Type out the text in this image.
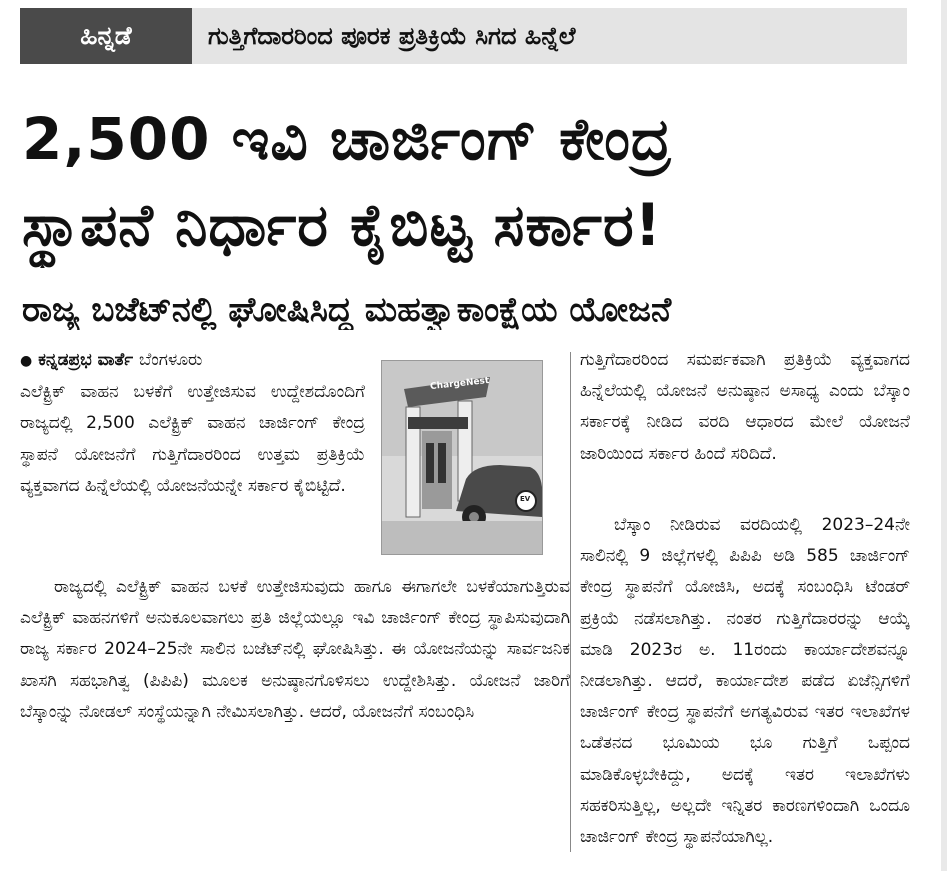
ಹಿನ್ನಡೆ	ಗುತ್ತಿಗೆದಾರರಿಂದ ಪೂರಕ ಪ್ರತಿಕ್ರಿಯೆ ಸಿಗದ ಹಿನ್ನೆಲೆ
2,500 ಇವಿ ಚಾರ್ಜಿಂಗ್ ಕೇಂದ್ರ
ಸ್ಥಾಪನೆ ನಿರ್ಧಾರ ಕೈಬಿಟ್ಟ ಸರ್ಕಾರ!
ರಾಜ್ಯ ಬಜೆಟ್‌ನಲ್ಲಿ ಘೋಷಿಸಿದ್ದ ಮಹತ್ವಾಕಾಂಕ್ಷೆಯ ಯೋಜನೆ
● ಕನ್ನಡಪ್ರಭ ವಾರ್ತೆ ಬೆಂಗಳೂರು

ಎಲೆಕ್ಟ್ರಿಕ್ ವಾಹನ ಬಳಕೆಗೆ ಉತ್ತೇಜಿಸುವ ಉದ್ದೇಶದೊಂದಿಗೆ ರಾಜ್ಯದಲ್ಲಿ 2,500 ಎಲೆಕ್ಟ್ರಿಕ್ ವಾಹನ ಚಾರ್ಜಿಂಗ್ ಕೇಂದ್ರ ಸ್ಥಾಪನೆ ಯೋಜನೆಗೆ ಗುತ್ತಿಗೆದಾರರಿಂದ ಉತ್ತಮ ಪ್ರತಿಕ್ರಿಯೆ ವ್ಯಕ್ತವಾಗದ ಹಿನ್ನೆಲೆಯಲ್ಲಿ ಯೋಜನೆಯನ್ನೇ ಸರ್ಕಾರ ಕೈಬಿಟ್ಟಿದೆ.

ChargeNest
EV

ರಾಜ್ಯದಲ್ಲಿ ಎಲೆಕ್ಟ್ರಿಕ್ ವಾಹನ ಬಳಕೆ ಉತ್ತೇಜಿಸುವುದು ಹಾಗೂ ಈಗಾಗಲೇ ಬಳಕೆಯಾಗುತ್ತಿರುವ ಎಲೆಕ್ಟ್ರಿಕ್ ವಾಹನಗಳಿಗೆ ಅನುಕೂಲವಾಗಲು ಪ್ರತಿ ಜಿಲ್ಲೆಯಲ್ಲೂ ಇವಿ ಚಾರ್ಜಿಂಗ್ ಕೇಂದ್ರ ಸ್ಥಾಪಿಸುವುದಾಗಿ ರಾಜ್ಯ ಸರ್ಕಾರ 2024–25ನೇ ಸಾಲಿನ ಬಜೆಟ್‌ನಲ್ಲಿ ಘೋಷಿಸಿತ್ತು. ಈ ಯೋಜನೆಯನ್ನು ಸಾರ್ವಜನಿಕ ಖಾಸಗಿ ಸಹಭಾಗಿತ್ವ (ಪಿಪಿಪಿ) ಮೂಲಕ ಅನುಷ್ಠಾನಗೊಳಿಸಲು ಉದ್ದೇಶಿಸಿತ್ತು. ಯೋಜನೆ ಜಾರಿಗೆ ಬೆಸ್ಕಾಂನ್ನು ನೋಡಲ್ ಸಂಸ್ಥೆಯನ್ನಾಗಿ ನೇಮಿಸಲಾಗಿತ್ತು. ಆದರೆ, ಯೋಜನೆಗೆ ಸಂಬಂಧಿಸಿ

ಗುತ್ತಿಗೆದಾರರಿಂದ ಸಮರ್ಪಕವಾಗಿ ಪ್ರತಿಕ್ರಿಯೆ ವ್ಯಕ್ತವಾಗದ ಹಿನ್ನೆಲೆಯಲ್ಲಿ ಯೋಜನೆ ಅನುಷ್ಠಾನ ಅಸಾಧ್ಯ ಎಂದು ಬೆಸ್ಕಾಂ ಸರ್ಕಾರಕ್ಕೆ ನೀಡಿದ ವರದಿ ಆಧಾರದ ಮೇಲೆ ಯೋಜನೆ ಜಾರಿಯಿಂದ ಸರ್ಕಾರ ಹಿಂದೆ ಸರಿದಿದೆ.

ಬೆಸ್ಕಾಂ ನೀಡಿರುವ ವರದಿಯಲ್ಲಿ 2023–24ನೇ ಸಾಲಿನಲ್ಲಿ 9 ಜಿಲ್ಲೆಗಳಲ್ಲಿ ಪಿಪಿಪಿ ಅಡಿ 585 ಚಾರ್ಜಿಂಗ್ ಕೇಂದ್ರ ಸ್ಥಾಪನೆಗೆ ಯೋಜಿಸಿ, ಅದಕ್ಕೆ ಸಂಬಂಧಿಸಿ ಟೆಂಡರ್ ಪ್ರಕ್ರಿಯೆ ನಡೆಸಲಾಗಿತ್ತು. ನಂತರ ಗುತ್ತಿಗೆದಾರರನ್ನು ಆಯ್ಕೆ ಮಾಡಿ 2023ರ ಅ. 11ರಂದು ಕಾರ್ಯಾದೇಶವನ್ನೂ ನೀಡಲಾಗಿತ್ತು. ಆದರೆ, ಕಾರ್ಯಾದೇಶ ಪಡೆದ ಏಜೆನ್ಸಿಗಳಿಗೆ ಚಾರ್ಜಿಂಗ್ ಕೇಂದ್ರ ಸ್ಥಾಪನೆಗೆ ಅಗತ್ಯವಿರುವ ಇತರ ಇಲಾಖೆಗಳ ಒಡೆತನದ ಭೂಮಿಯ ಭೂ ಗುತ್ತಿಗೆ ಒಪ್ಪಂದ ಮಾಡಿಕೊಳ್ಳಬೇಕಿದ್ದು, ಅದಕ್ಕೆ ಇತರ ಇಲಾಖೆಗಳು ಸಹಕರಿಸುತ್ತಿಲ್ಲ, ಅಲ್ಲದೇ ಇನ್ನಿತರ ಕಾರಣಗಳಿಂದಾಗಿ ಒಂದೂ ಚಾರ್ಜಿಂಗ್ ಕೇಂದ್ರ ಸ್ಥಾಪನೆಯಾಗಿಲ್ಲ.
